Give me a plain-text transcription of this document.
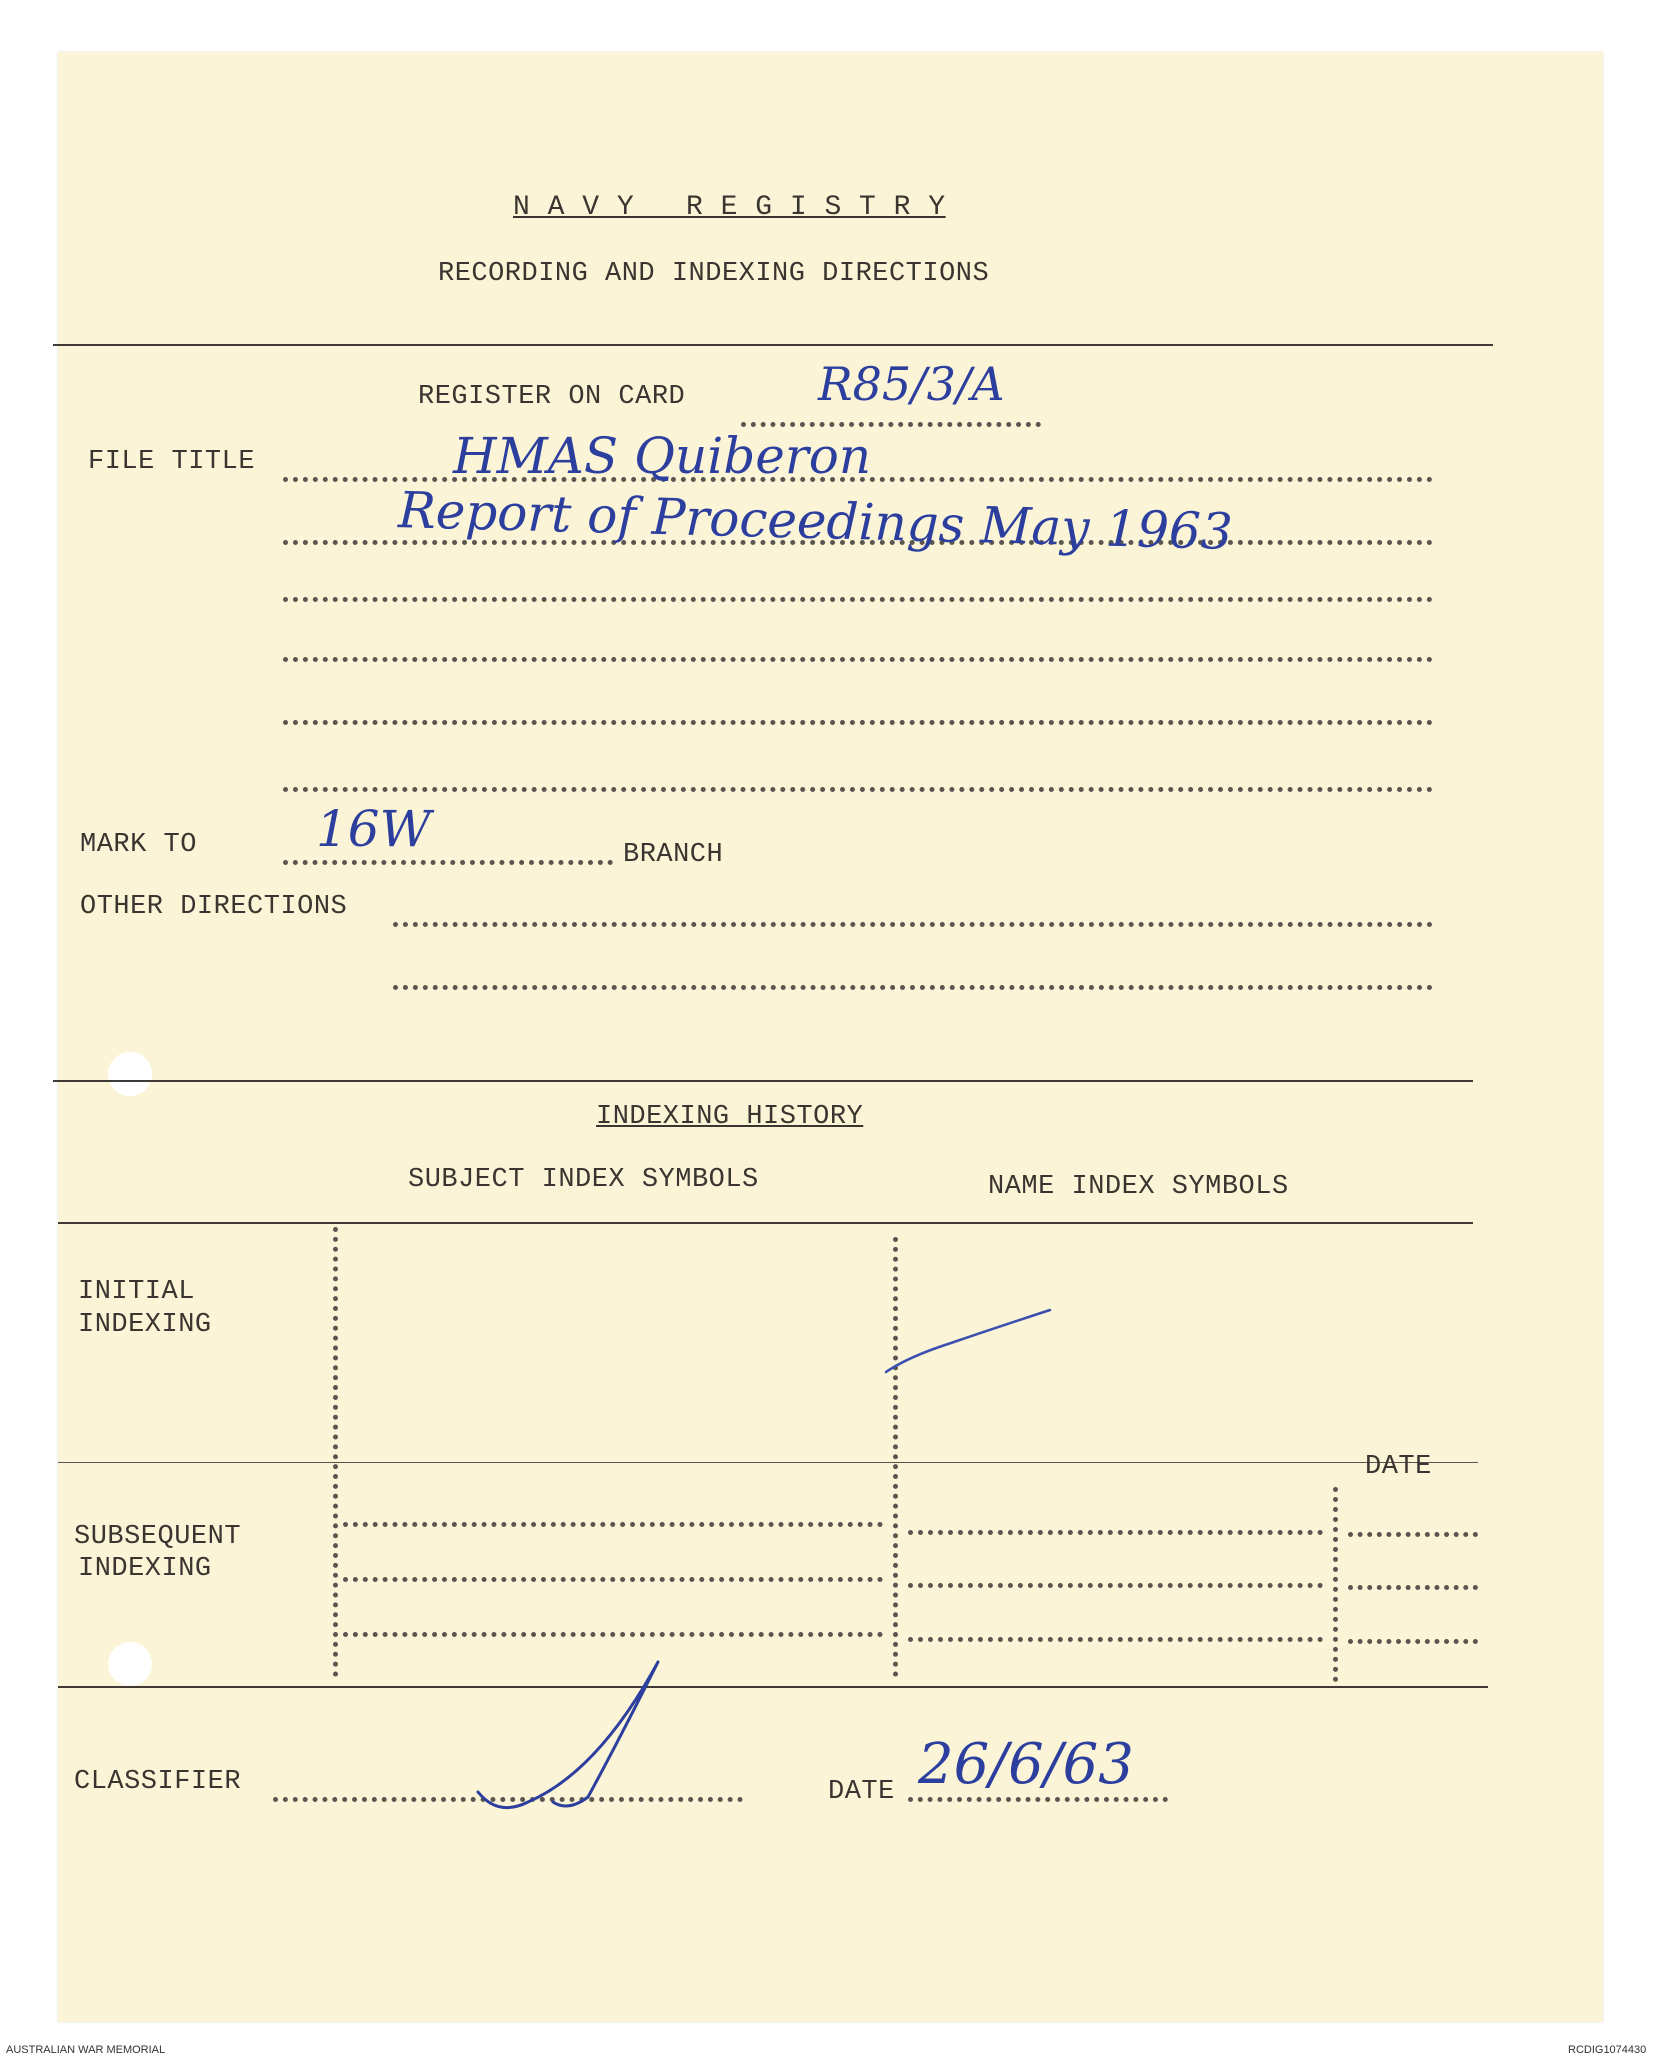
N A V Y   R E G I S T R Y
RECORDING AND INDEXING DIRECTIONS
REGISTER ON CARD	R85/3/A
FILE TITLE	HMAS Quiberon
Report of Proceedings May 1963
MARK TO 16W	BRANCH
OTHER DIRECTIONS
INDEXING HISTORY
SUBJECT INDEX SYMBOLS	NAME INDEX SYMBOLS
INITIAL
INDEXING
DATE
SUBSEQUENT
INDEXING
CLASSIFIER	DATE 26/6/63
AUSTRALIAN WAR MEMORIAL	RCDIG1074430
